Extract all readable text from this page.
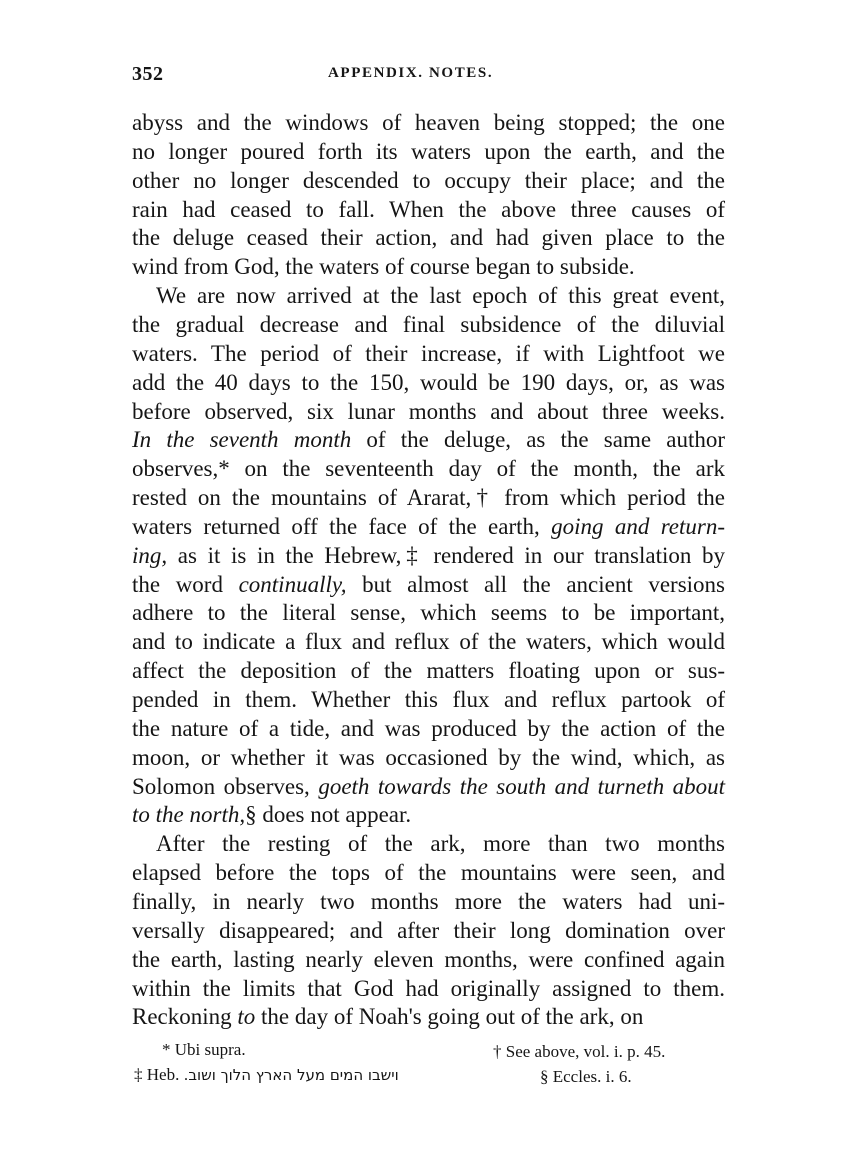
352	APPENDIX. NOTES.
abyss and the windows of heaven being stopped; the one
no longer poured forth its waters upon the earth, and the
other no longer descended to occupy their place; and the
rain had ceased to fall. When the above three causes of
the deluge ceased their action, and had given place to the
wind from God, the waters of course began to subside.
We are now arrived at the last epoch of this great event,
the gradual decrease and final subsidence of the diluvial
waters. The period of their increase, if with Lightfoot we
add the 40 days to the 150, would be 190 days, or, as was
before observed, six lunar months and about three weeks.
In the seventh month of the deluge, as the same author
observes,* on the seventeenth day of the month, the ark
rested on the mountains of Ararat,† from which period the
waters returned off the face of the earth, going and return-
ing, as it is in the Hebrew,‡ rendered in our translation by
the word continually, but almost all the ancient versions
adhere to the literal sense, which seems to be important,
and to indicate a flux and reflux of the waters, which would
affect the deposition of the matters floating upon or sus-
pended in them. Whether this flux and reflux partook of
the nature of a tide, and was produced by the action of the
moon, or whether it was occasioned by the wind, which, as
Solomon observes, goeth towards the south and turneth about
to the north,§ does not appear.
After the resting of the ark, more than two months
elapsed before the tops of the mountains were seen, and
finally, in nearly two months more the waters had uni-
versally disappeared; and after their long domination over
the earth, lasting nearly eleven months, were confined again
within the limits that God had originally assigned to them.
Reckoning to the day of Noah's going out of the ark, on
* Ubi supra.	† See above, vol. i. p. 45.
‡ Heb. וישבו המים מעל הארץ הלוך ושוב.	§ Eccles. i. 6.
